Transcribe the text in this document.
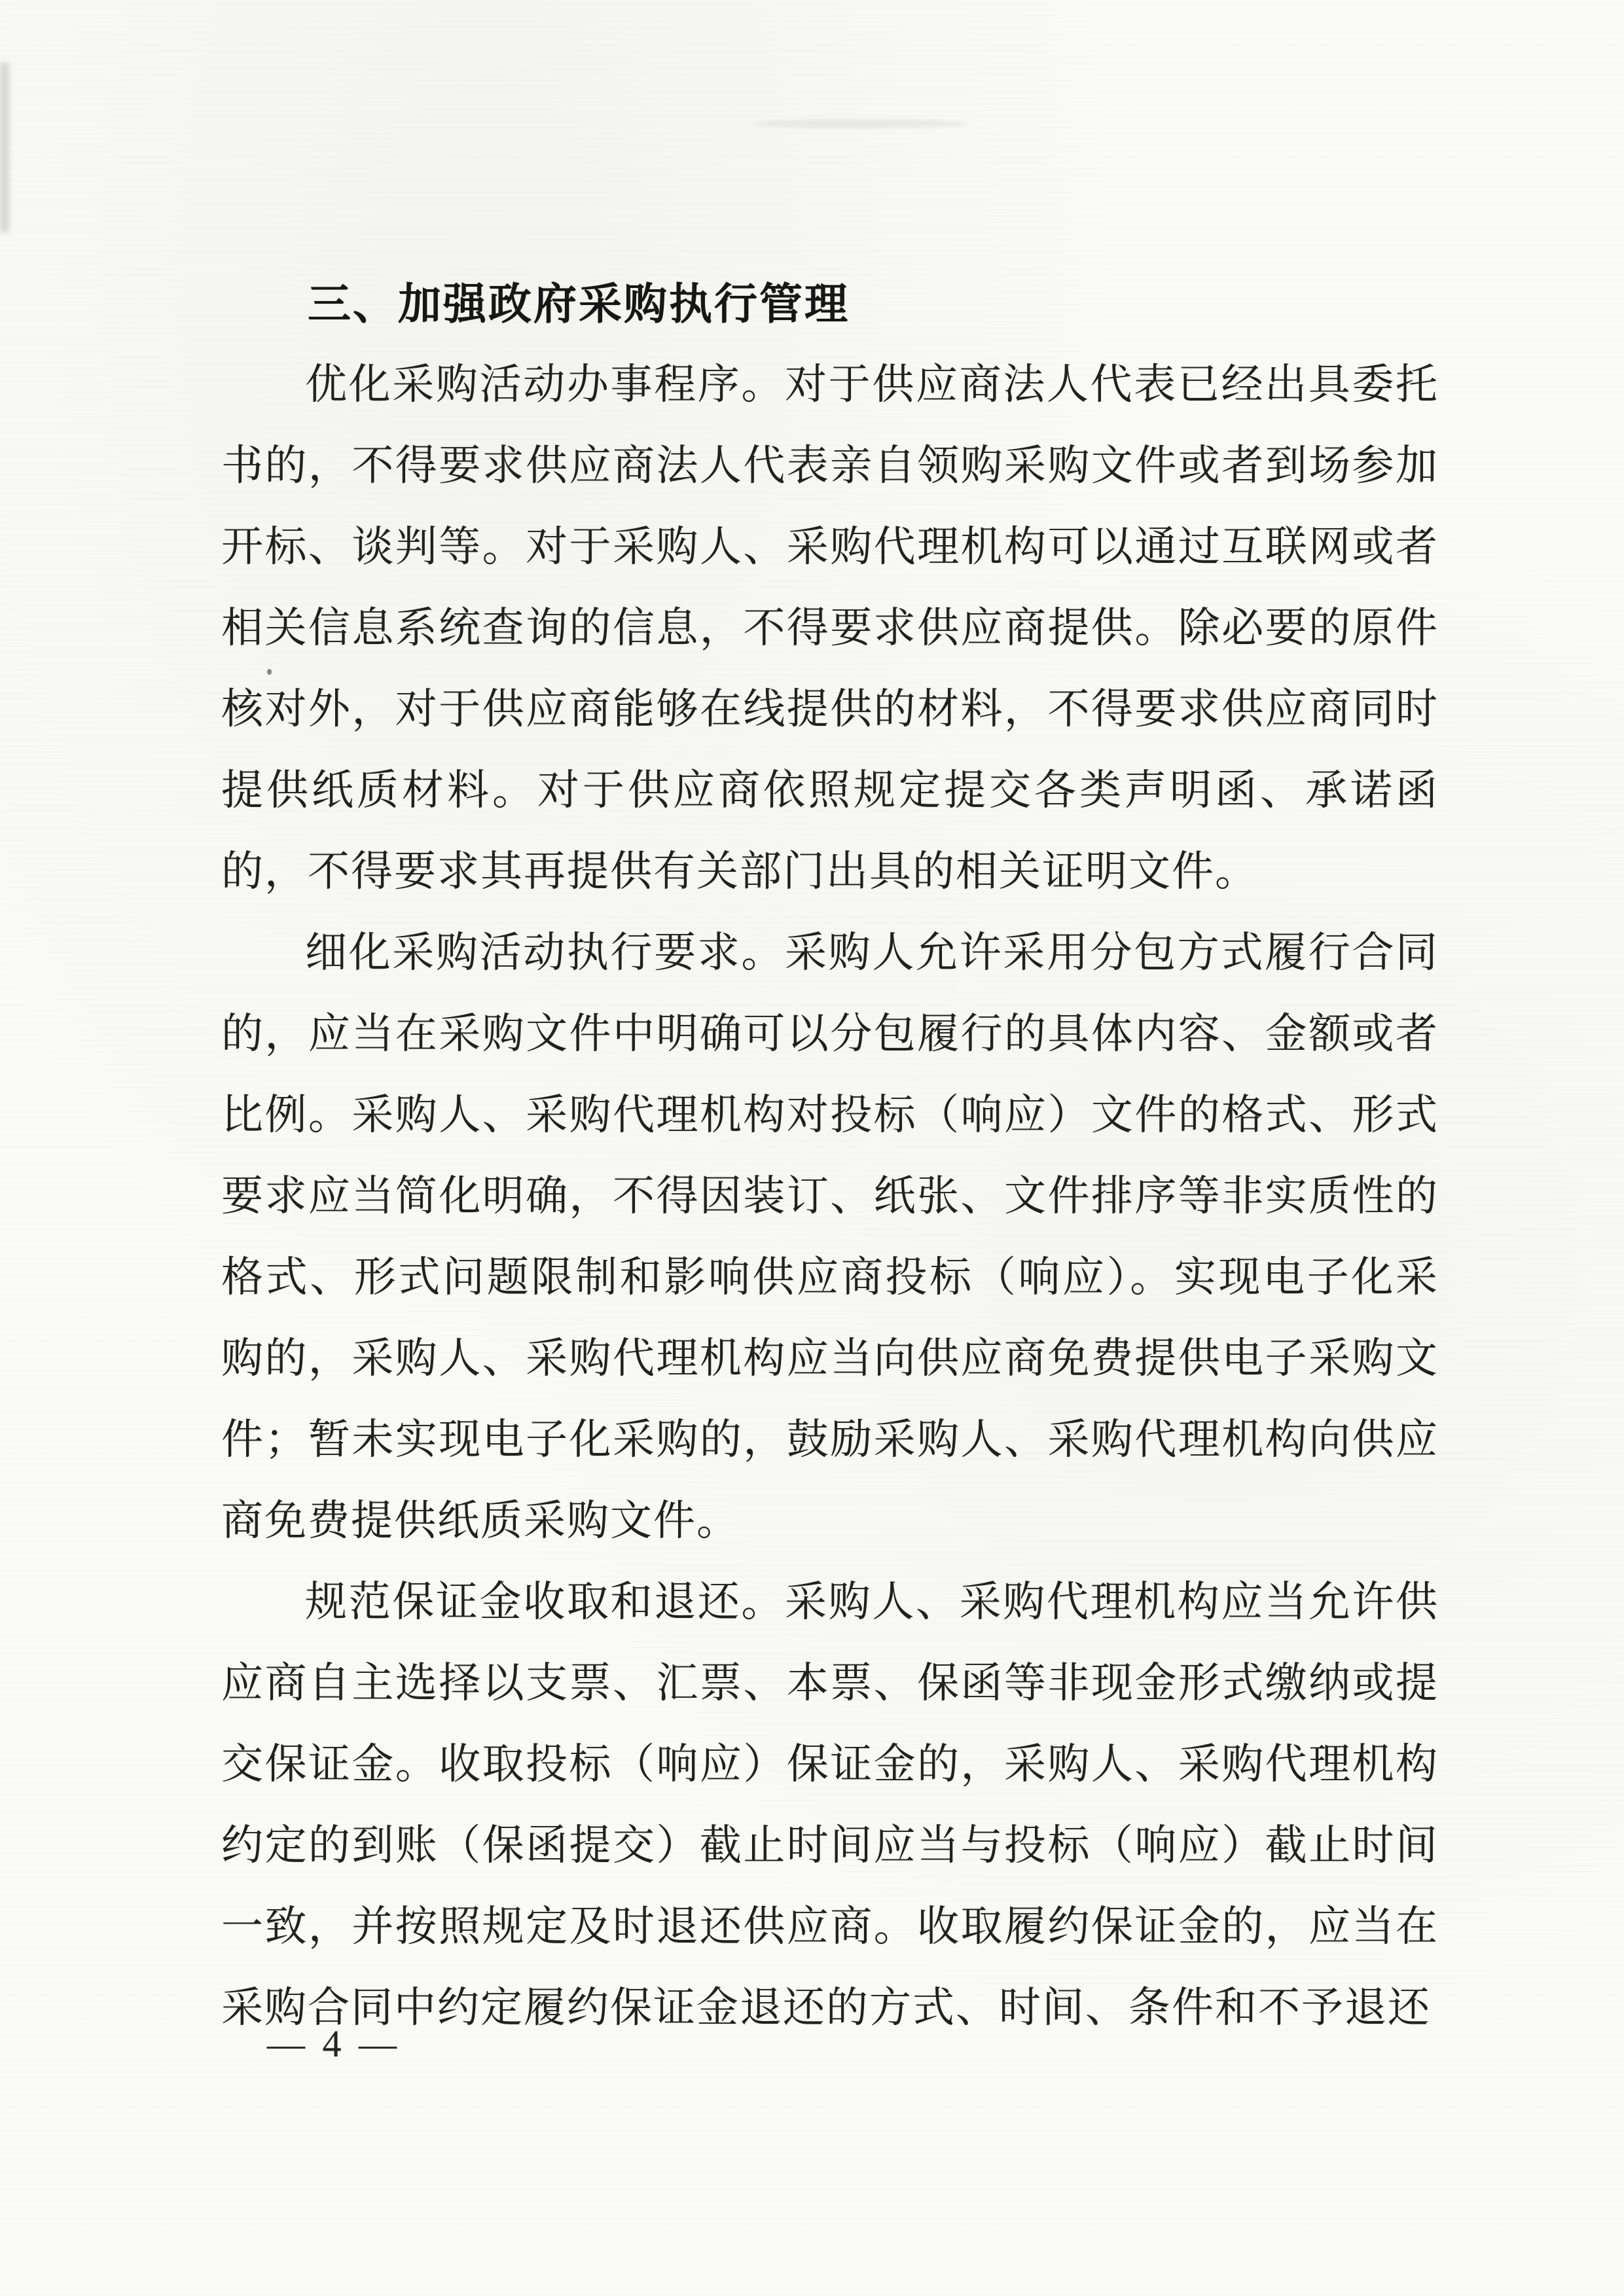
三、加强政府采购执行管理

优化采购活动办事程序。对于供应商法人代表已经出具委托书的，不得要求供应商法人代表亲自领购采购文件或者到场参加开标、谈判等。对于采购人、采购代理机构可以通过互联网或者相关信息系统查询的信息，不得要求供应商提供。除必要的原件核对外，对于供应商能够在线提供的材料，不得要求供应商同时提供纸质材料。对于供应商依照规定提交各类声明函、承诺函的，不得要求其再提供有关部门出具的相关证明文件。

细化采购活动执行要求。采购人允许采用分包方式履行合同的，应当在采购文件中明确可以分包履行的具体内容、金额或者比例。采购人、采购代理机构对投标（响应）文件的格式、形式要求应当简化明确，不得因装订、纸张、文件排序等非实质性的格式、形式问题限制和影响供应商投标（响应）。实现电子化采购的，采购人、采购代理机构应当向供应商免费提供电子采购文件；暂未实现电子化采购的，鼓励采购人、采购代理机构向供应商免费提供纸质采购文件。

规范保证金收取和退还。采购人、采购代理机构应当允许供应商自主选择以支票、汇票、本票、保函等非现金形式缴纳或提交保证金。收取投标（响应）保证金的，采购人、采购代理机构约定的到账（保函提交）截止时间应当与投标（响应）截止时间一致，并按照规定及时退还供应商。收取履约保证金的，应当在采购合同中约定履约保证金退还的方式、时间、条件和不予退还

— 4 —
